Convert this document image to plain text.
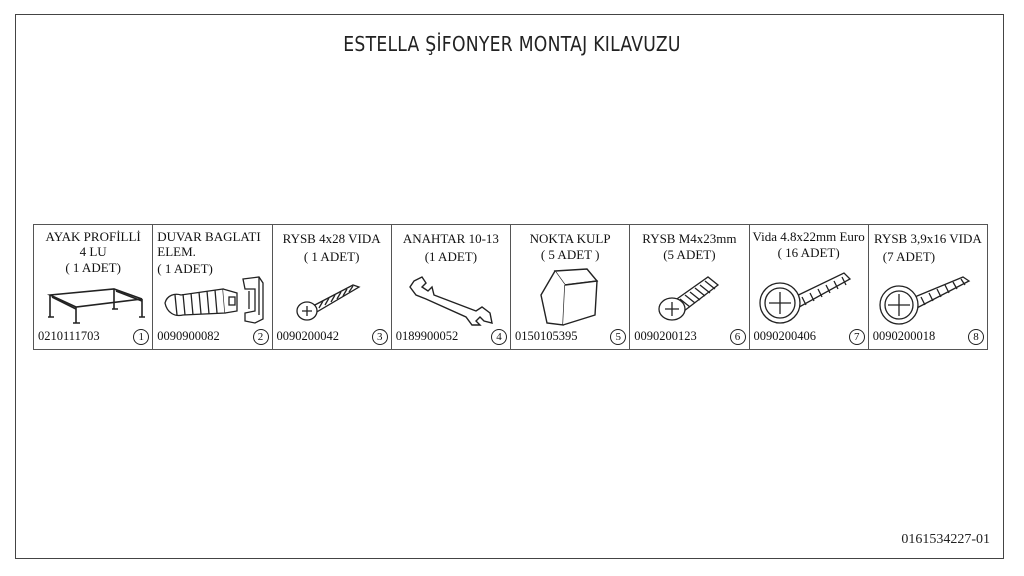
ESTELLA ŞİFONYER MONTAJ KILAVUZU
AYAK PROFİLLİ
4 LU
( 1 ADET)
0210111703	1
DUVAR BAGLATI
ELEM.
( 1 ADET)
0090900082	2
RYSB 4x28 VIDA
( 1 ADET)
0090200042	3
ANAHTAR 10-13
(1 ADET)
0189900052	4
NOKTA KULP
( 5 ADET )
0150105395	5
RYSB M4x23mm
(5 ADET)
0090200123	6
Vida 4.8x22mm Euro
( 16 ADET)
0090200406	7
RYSB 3,9x16 VIDA
(7 ADET)
0090200018	8
0161534227-01
